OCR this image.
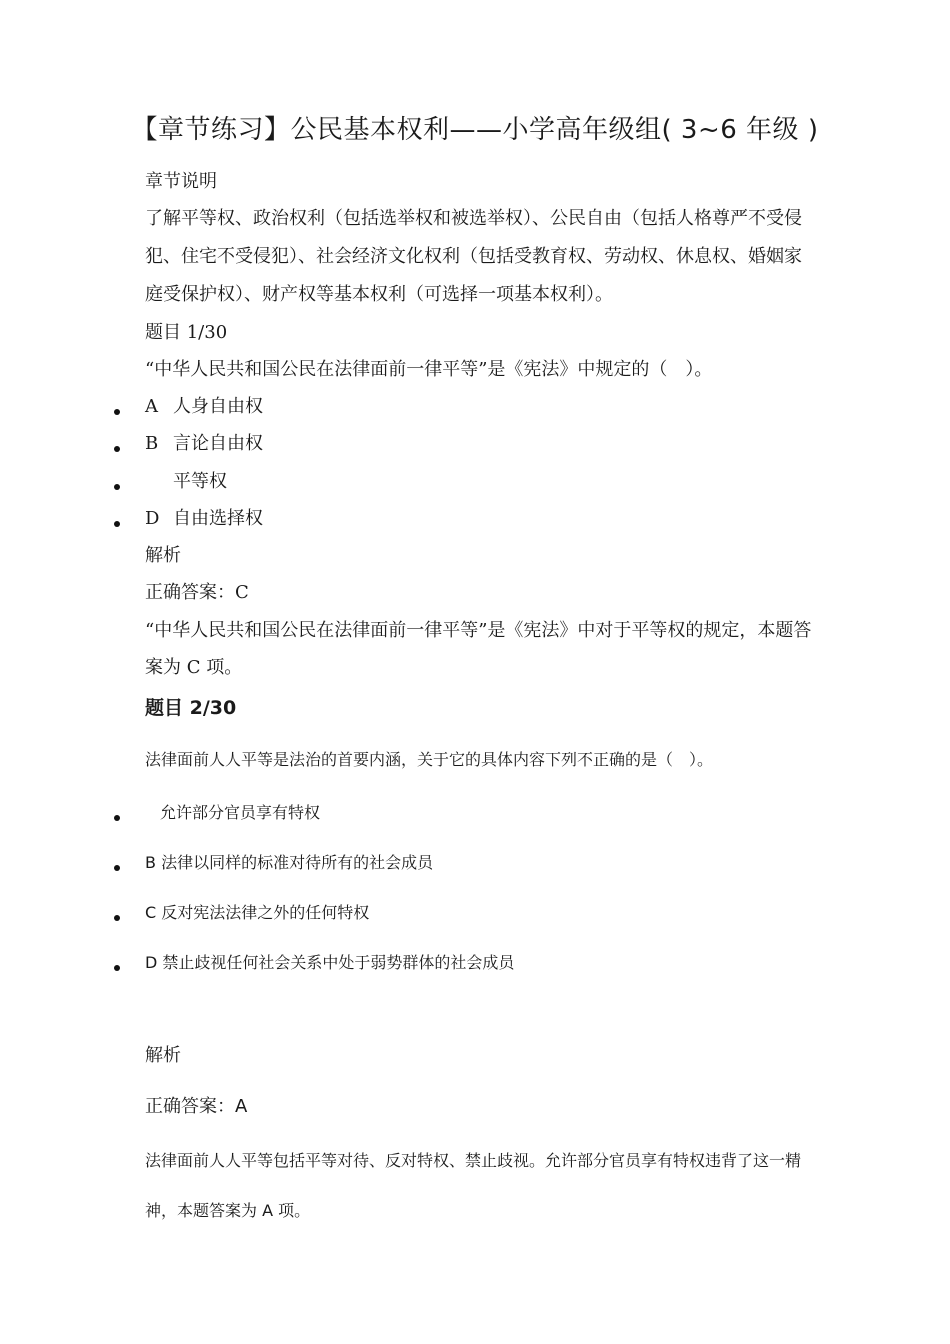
【章节练习】公民基本权利——小学高年级组( 3~6 年级 )
章节说明
了解平等权、政治权利（包括选举权和被选举权）、公民自由（包括人格尊严不受侵犯、住宅不受侵犯）、社会经济文化权利（包括受教育权、劳动权、休息权、婚姻家庭受保护权）、财产权等基本权利（可选择一项基本权利）。
题目 1/30
“中华人民共和国公民在法律面前一律平等”是《宪法》中规定的（　）。
A 人身自由权
B 言论自由权
平等权
D 自由选择权
解析
正确答案：C
“中华人民共和国公民在法律面前一律平等”是《宪法》中对于平等权的规定，本题答案为 C 项。
题目 2/30
法律面前人人平等是法治的首要内涵，关于它的具体内容下列不正确的是（　）。
允许部分官员享有特权
B 法律以同样的标准对待所有的社会成员
C 反对宪法法律之外的任何特权
D 禁止歧视任何社会关系中处于弱势群体的社会成员
解析
正确答案：A
法律面前人人平等包括平等对待、反对特权、禁止歧视。允许部分官员享有特权违背了这一精神，本题答案为 A 项。
